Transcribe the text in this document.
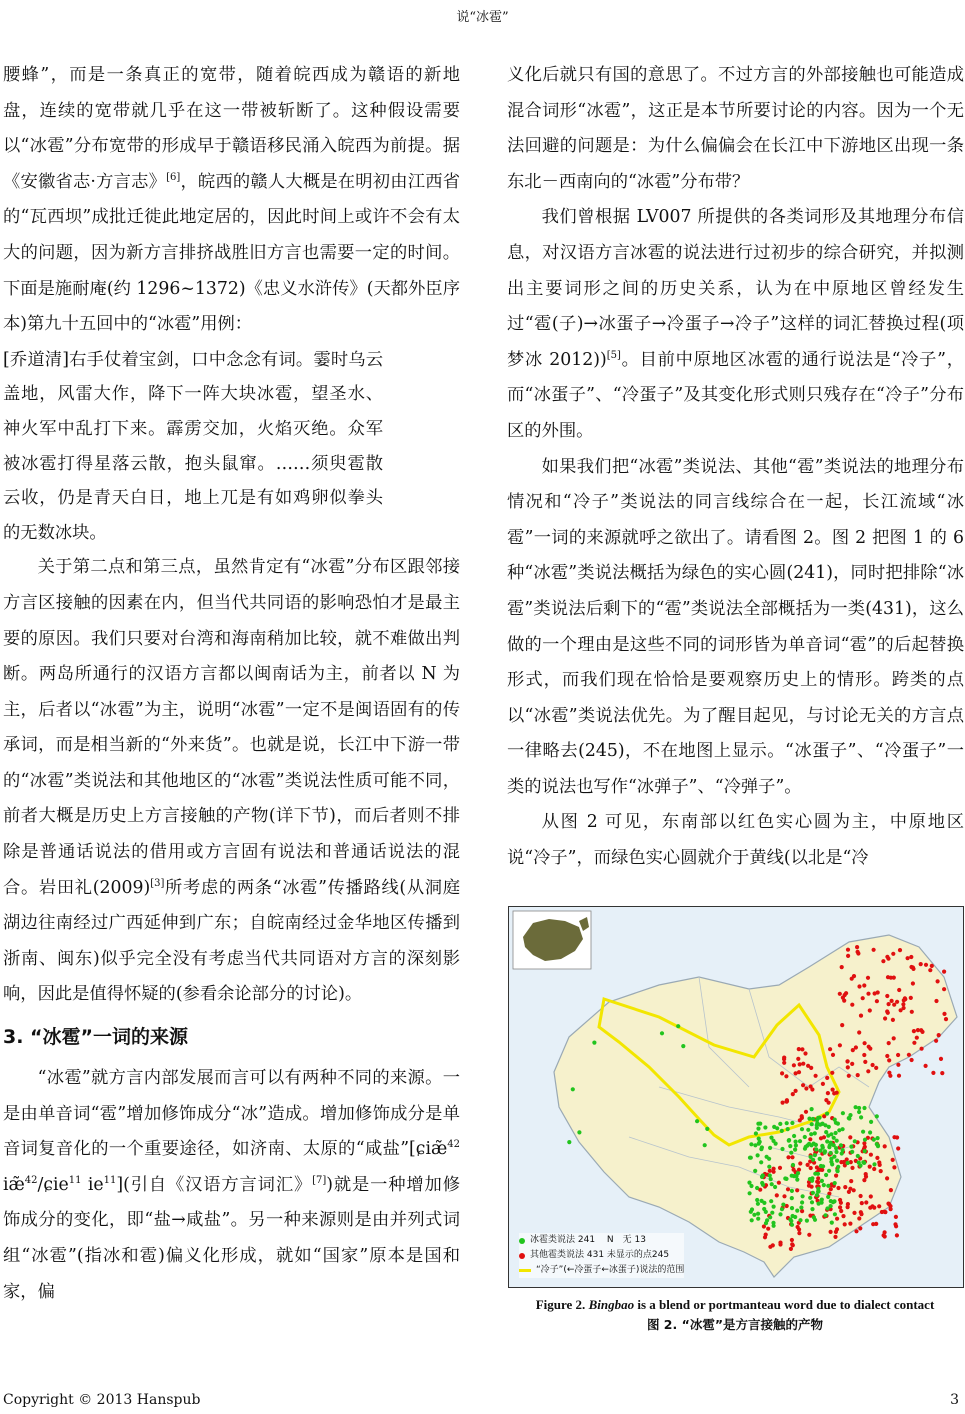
说“冰雹”

腰蜂”，而是一条真正的宽带，随着皖西成为赣语的新地盘，连续的宽带就几乎在这一带被斩断了。这种假设需要以“冰雹”分布宽带的形成早于赣语移民涌入皖西为前提。据《安徽省志·方言志》[6]，皖西的赣人大概是在明初由江西省的“瓦西坝”成批迁徙此地定居的，因此时间上或许不会有太大的问题，因为新方言排挤战胜旧方言也需要一定的时间。下面是施耐庵(约 1296~1372)《忠义水浒传》(天都外臣序本)第九十五回中的“冰雹”用例：

[乔道清]右手仗着宝剑，口中念念有词。霎时乌云盖地，风雷大作，降下一阵大块冰雹，望圣水、神火军中乱打下来。霹雳交加，火焰灭绝。众军被冰雹打得星落云散，抱头鼠窜。……须臾雹散云收，仍是青天白日，地上兀是有如鸡卵似拳头的无数冰块。

关于第二点和第三点，虽然肯定有“冰雹”分布区跟邻接方言区接触的因素在内，但当代共同语的影响恐怕才是最主要的原因。我们只要对台湾和海南稍加比较，就不难做出判断。两岛所通行的汉语方言都以闽南话为主，前者以 N 为主，后者以“冰雹”为主，说明“冰雹”一定不是闽语固有的传承词，而是相当新的“外来货”。也就是说，长江中下游一带的“冰雹”类说法和其他地区的“冰雹”类说法性质可能不同，前者大概是历史上方言接触的产物(详下节)，而后者则不排除是普通话说法的借用或方言固有说法和普通话说法的混合。岩田礼(2009)[3]所考虑的两条“冰雹”传播路线(从洞庭湖边往南经过广西延伸到广东；自皖南经过金华地区传播到浙南、闽东)似乎完全没有考虑当代共同语对方言的深刻影响，因此是值得怀疑的(参看余论部分的讨论)。

3. “冰雹”一词的来源

“冰雹”就方言内部发展而言可以有两种不同的来源。一是由单音词“雹”增加修饰成分“冰”造成。增加修饰成分是单音词复音化的一个重要途径，如济南、太原的“咸盐”[ɕiæ̃$^{42}$ iæ̃$^{42}$/ɕie$^{11}$ $ie^{11}$](引自《汉语方言词汇》[7])就是一种增加修饰成分的变化，即“盐→咸盐”。另一种来源则是由并列式词组“冰雹”(指冰和雹)偏义化形成，就如“国家”原本是国和家，偏

义化后就只有国的意思了。不过方言的外部接触也可能造成混合词形“冰雹”，这正是本节所要讨论的内容。因为一个无法回避的问题是：为什么偏偏会在长江中下游地区出现一条东北－西南向的“冰雹”分布带？

我们曾根据 LV007 所提供的各类词形及其地理分布信息，对汉语方言冰雹的说法进行过初步的综合研究，并拟测出主要词形之间的历史关系，认为在中原地区曾经发生过“雹(子)→冰蛋子→冷蛋子→冷子”这样的词汇替换过程(项梦冰 2012))[5]。目前中原地区冰雹的通行说法是“冷子”，而“冰蛋子”、“冷蛋子”及其变化形式则只残存在“冷子”分布区的外围。

如果我们把“冰雹”类说法、其他“雹”类说法的地理分布情况和“冷子”类说法的同言线综合在一起，长江流域“冰雹”一词的来源就呼之欲出了。请看图 2。图 2 把图 1 的 6 种“冰雹”类说法概括为绿色的实心圆(241)，同时把排除“冰雹”类说法后剩下的“雹”类说法全部概括为一类(431)，这么做的一个理由是这些不同的词形皆为单音词“雹”的后起替换形式，而我们现在恰恰是要观察历史上的情形。跨类的点以“冰雹”类说法优先。为了醒目起见，与讨论无关的方言点一律略去(245)，不在地图上显示。“冰蛋子”、“冷蛋子”一类的说法也写作“冰弹子”、“冷弹子”。

从图 2 可见，东南部以红色实心圆为主，中原地区说“冷子”，而绿色实心圆就介于黄线(以北是“冷

冰雹类说法 241　 N　无 13
其他雹类说法 431 未显示的点245
“冷子”(←冷蛋子←冰蛋子)说法的范围
Figure 2. Bingbao is a blend or portmanteau word due to dialect contact
图 2. “冰雹”是方言接触的产物
Copyright © 2013 Hanspub	3
